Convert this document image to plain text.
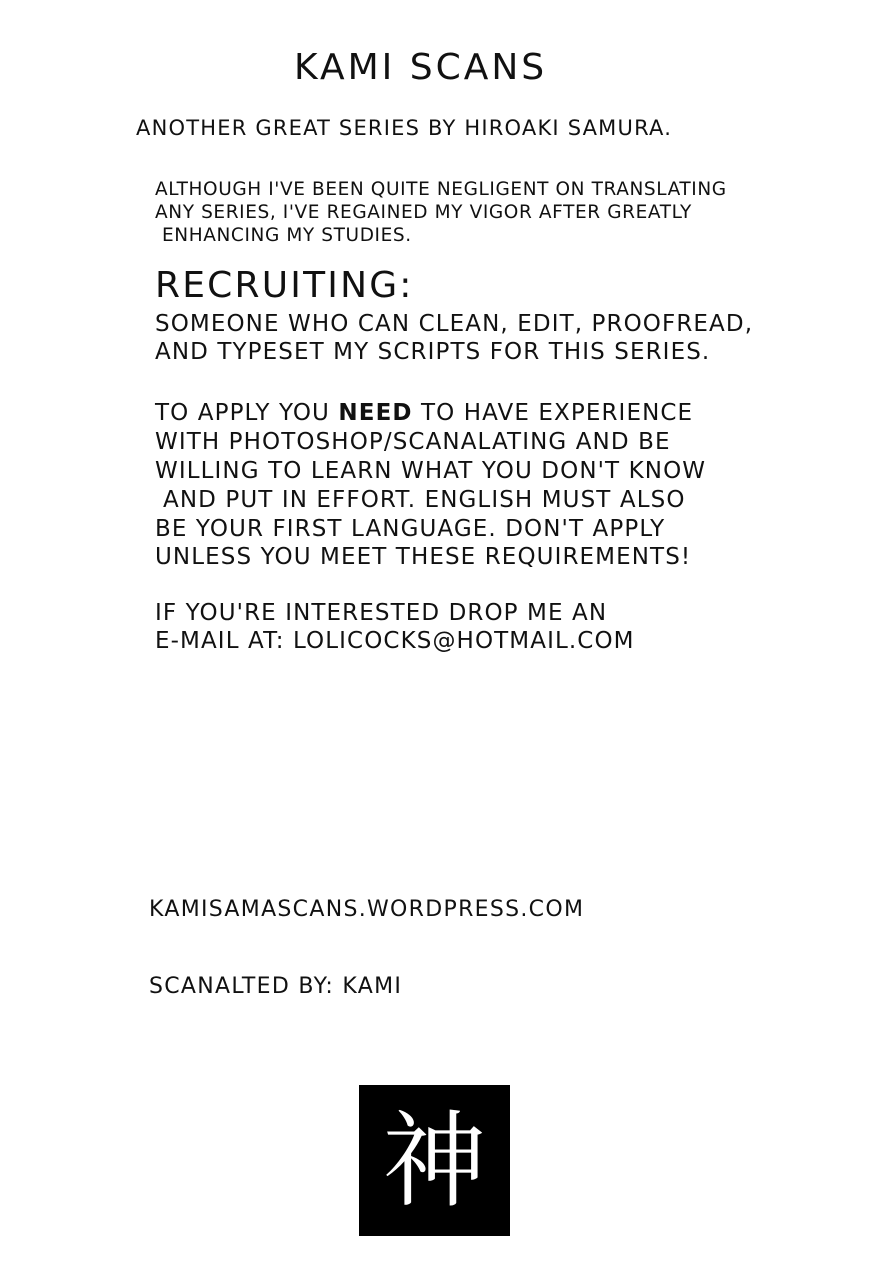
KAMI SCANS
ANOTHER GREAT SERIES BY HIROAKI SAMURA.
ALTHOUGH I'VE BEEN QUITE NEGLIGENT ON TRANSLATING
ANY SERIES, I'VE REGAINED MY VIGOR AFTER GREATLY
ENHANCING MY STUDIES.
RECRUITING:
SOMEONE WHO CAN CLEAN, EDIT, PROOFREAD,
AND TYPESET MY SCRIPTS FOR THIS SERIES.
TO APPLY YOU NEED TO HAVE EXPERIENCE
WITH PHOTOSHOP/SCANALATING AND BE
WILLING TO LEARN WHAT YOU DON'T KNOW
AND PUT IN EFFORT. ENGLISH MUST ALSO
BE YOUR FIRST LANGUAGE. DON'T APPLY
UNLESS YOU MEET THESE REQUIREMENTS!
IF YOU'RE INTERESTED DROP ME AN
E-MAIL AT: LOLICOCKS@HOTMAIL.COM
KAMISAMASCANS.WORDPRESS.COM
SCANALTED BY: KAMI
神
